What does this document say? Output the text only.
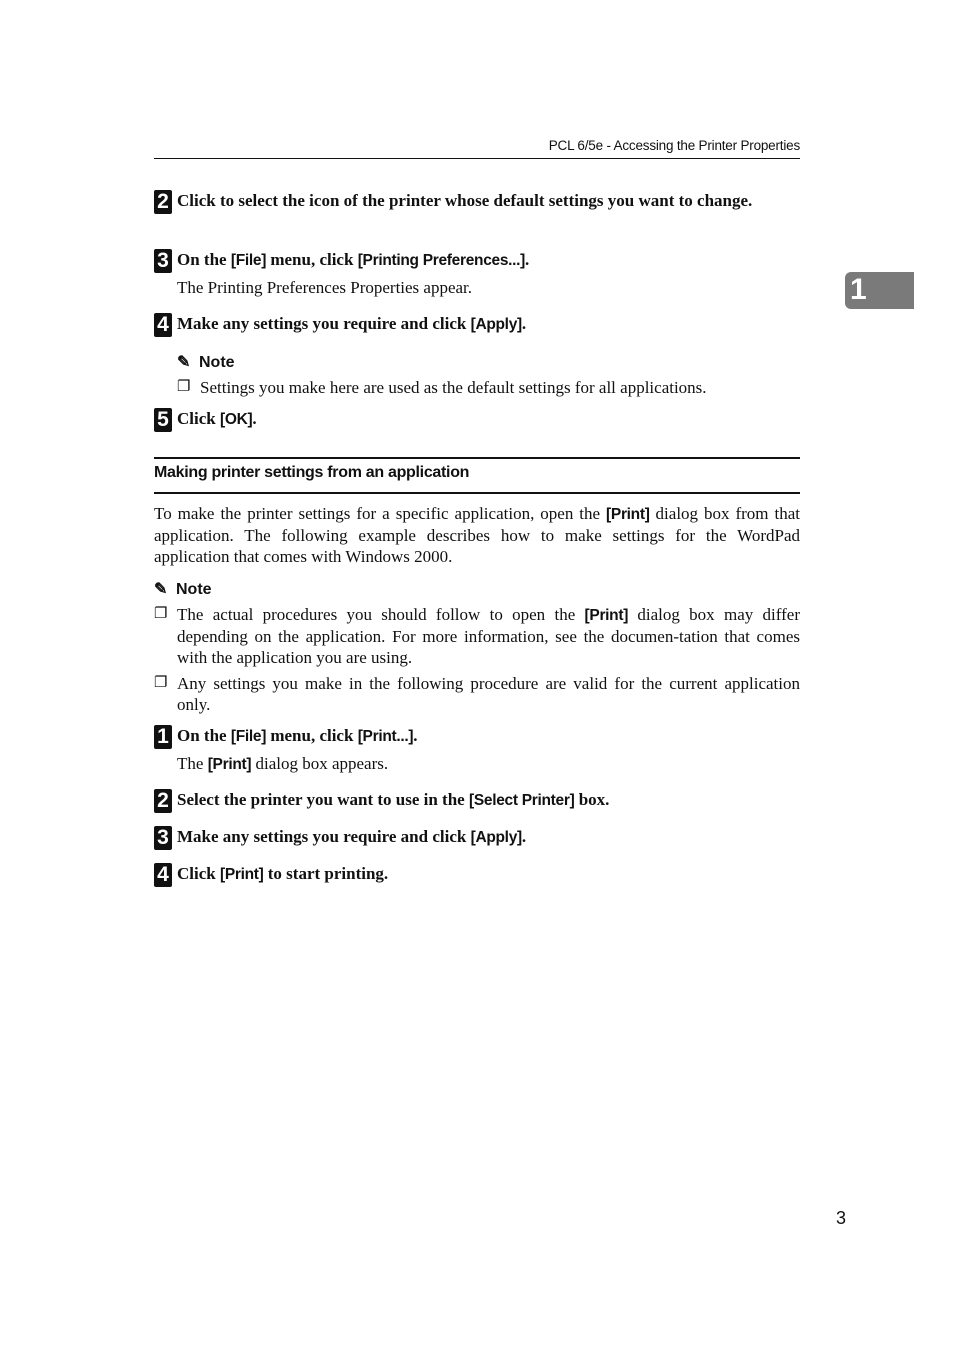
PCL 6/5e - Accessing the Printer Properties
1
2 Click to select the icon of the printer whose default settings you want to change.
3 On the [File] menu, click [Printing Preferences...].
The Printing Preferences Properties appear.
4 Make any settings you require and click [Apply].
✎ Note
❐ Settings you make here are used as the default settings for all applications.
5 Click [OK].
Making printer settings from an application
To make the printer settings for a specific application, open the [Print] dialog box from that application. The following example describes how to make settings for the WordPad application that comes with Windows 2000.
✎ Note
❐ The actual procedures you should follow to open the [Print] dialog box may differ depending on the application. For more information, see the documen-tation that comes with the application you are using.
❐ Any settings you make in the following procedure are valid for the current application only.
1 On the [File] menu, click [Print...].
The [Print] dialog box appears.
2 Select the printer you want to use in the [Select Printer] box.
3 Make any settings you require and click [Apply].
4 Click [Print] to start printing.
3
